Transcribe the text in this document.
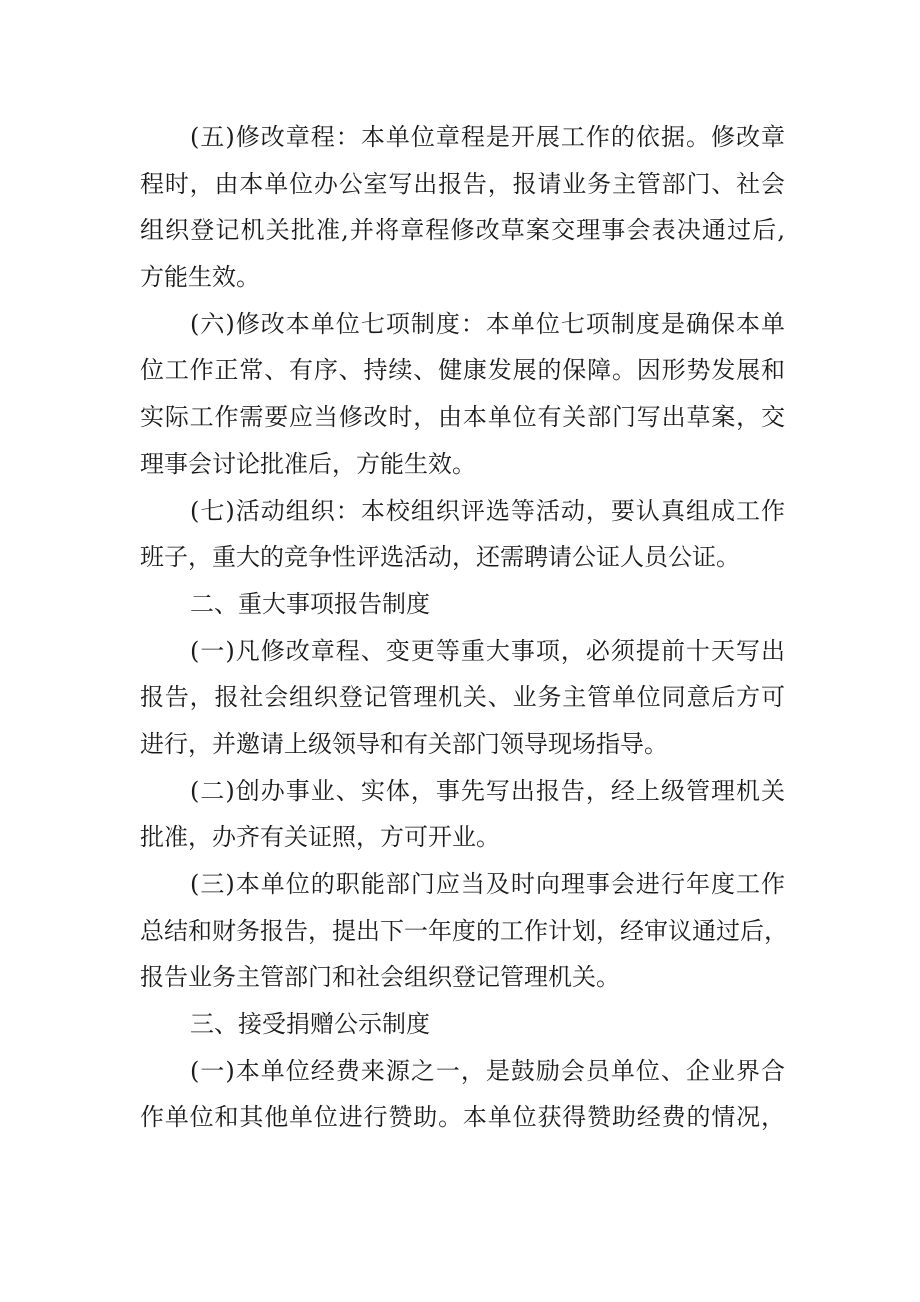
(五)修改章程：本单位章程是开展工作的依据。修改章
程时，由本单位办公室写出报告，报请业务主管部门、社会
组织登记机关批准,并将章程修改草案交理事会表决通过后,
方能生效。
(六)修改本单位七项制度：本单位七项制度是确保本单
位工作正常、有序、持续、健康发展的保障。因形势发展和
实际工作需要应当修改时，由本单位有关部门写出草案，交
理事会讨论批准后，方能生效。
(七)活动组织：本校组织评选等活动，要认真组成工作
班子，重大的竞争性评选活动，还需聘请公证人员公证。
二、重大事项报告制度
(一)凡修改章程、变更等重大事项，必须提前十天写出
报告，报社会组织登记管理机关、业务主管单位同意后方可
进行，并邀请上级领导和有关部门领导现场指导。
(二)创办事业、实体，事先写出报告，经上级管理机关
批准，办齐有关证照，方可开业。
(三)本单位的职能部门应当及时向理事会进行年度工作
总结和财务报告，提出下一年度的工作计划，经审议通过后，
报告业务主管部门和社会组织登记管理机关。
三、接受捐赠公示制度
(一)本单位经费来源之一，是鼓励会员单位、企业界合
作单位和其他单位进行赞助。本单位获得赞助经费的情况，
